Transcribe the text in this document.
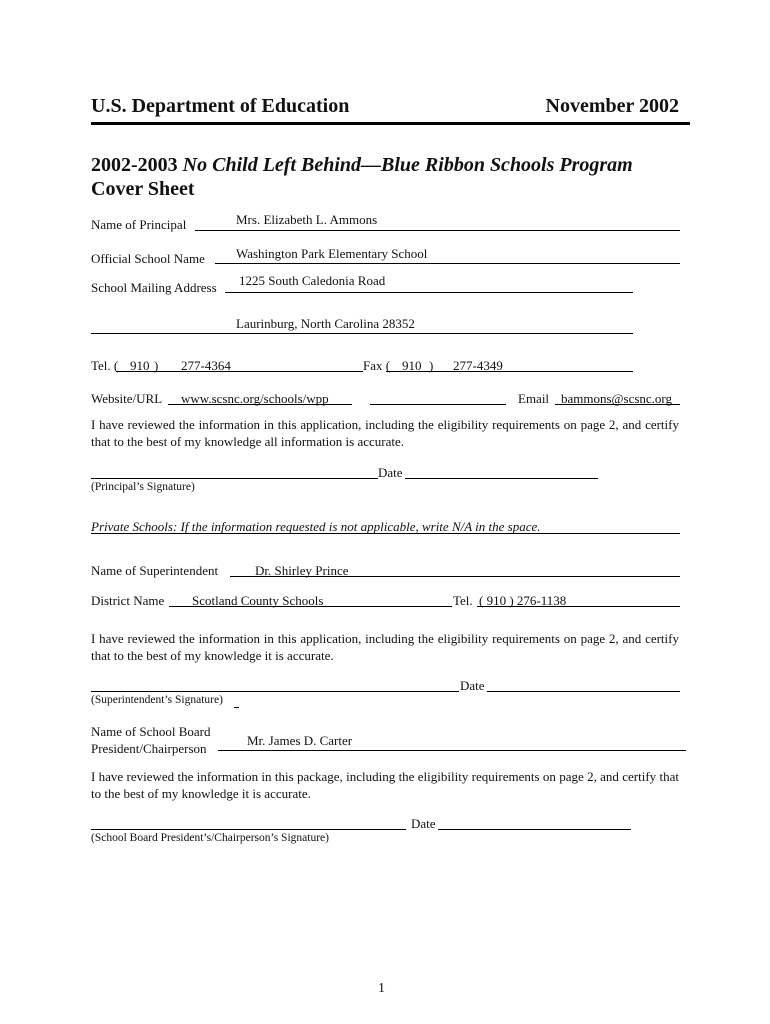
U.S. Department of Education	November 2002
2002-2003 No Child Left Behind—Blue Ribbon Schools Program
Cover Sheet
Name of Principal	Mrs. Elizabeth L. Ammons
Official School Name Washington Park Elementary School
School Mailing Address 1225 South Caledonia Road
Laurinburg, North Carolina 28352
Tel. ( 910 ) 277-4364	Fax ( 910 ) 277-4349
Website/URL www.scsnc.org/schools/wpp	Email bammons@scsnc.org
I have reviewed the information in this application, including the eligibility requirements on page 2, and certify that to the best of my knowledge all information is accurate.
Date
(Principal’s Signature)
Private Schools: If the information requested is not applicable, write N/A in the space.
Name of Superintendent	Dr. Shirley Prince
District Name Scotland County Schools	Tel. ( 910 ) 276-1138
I have reviewed the information in this application, including the eligibility requirements on page 2, and certify that to the best of my knowledge it is accurate.
Date
(Superintendent’s Signature)
Name of School Board
President/Chairperson
Mr. James D. Carter
I have reviewed the information in this package, including the eligibility requirements on page 2, and certify that to the best of my knowledge it is accurate.
Date
(School Board President’s/Chairperson’s Signature)
1
